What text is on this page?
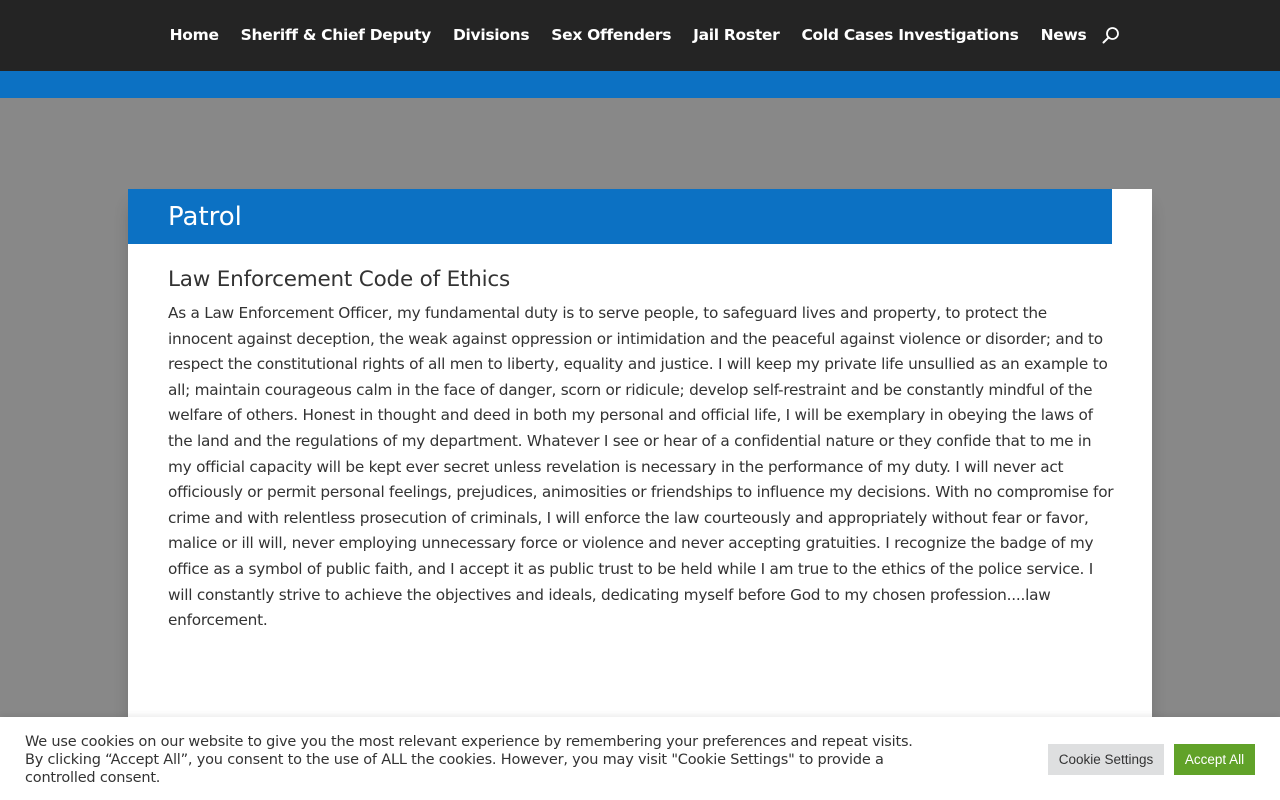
Home Sheriff & Chief Deputy Divisions Sex Offenders Jail Roster Cold Cases Investigations News
Patrol
Law Enforcement Code of Ethics

As a Law Enforcement Officer, my fundamental duty is to serve people, to safeguard lives and property, to protect the innocent against deception, the weak against oppression or intimidation and the peaceful against violence or disorder; and to respect the constitutional rights of all men to liberty, equality and justice. I will keep my private life unsullied as an example to all; maintain courageous calm in the face of danger, scorn or ridicule; develop self-restraint and be constantly mindful of the welfare of others. Honest in thought and deed in both my personal and official life, I will be exemplary in obeying the laws of the land and the regulations of my department. Whatever I see or hear of a confidential nature or they confide that to me in my official capacity will be kept ever secret unless revelation is necessary in the performance of my duty. I will never act officiously or permit personal feelings, prejudices, animosities or friendships to influence my decisions. With no compromise for crime and with relentless prosecution of criminals, I will enforce the law courteously and appropriately without fear or favor, malice or ill will, never employing unnecessary force or violence and never accepting gratuities. I recognize the badge of my office as a symbol of public faith, and I accept it as public trust to be held while I am true to the ethics of the police service. I will constantly strive to achieve the objectives and ideals, dedicating myself before God to my chosen profession....law enforcement.

We use cookies on our website to give you the most relevant experience by remembering your preferences and repeat visits.
By clicking “Accept All”, you consent to the use of ALL the cookies. However, you may visit "Cookie Settings" to provide a controlled consent.
Cookie Settings	Accept All
